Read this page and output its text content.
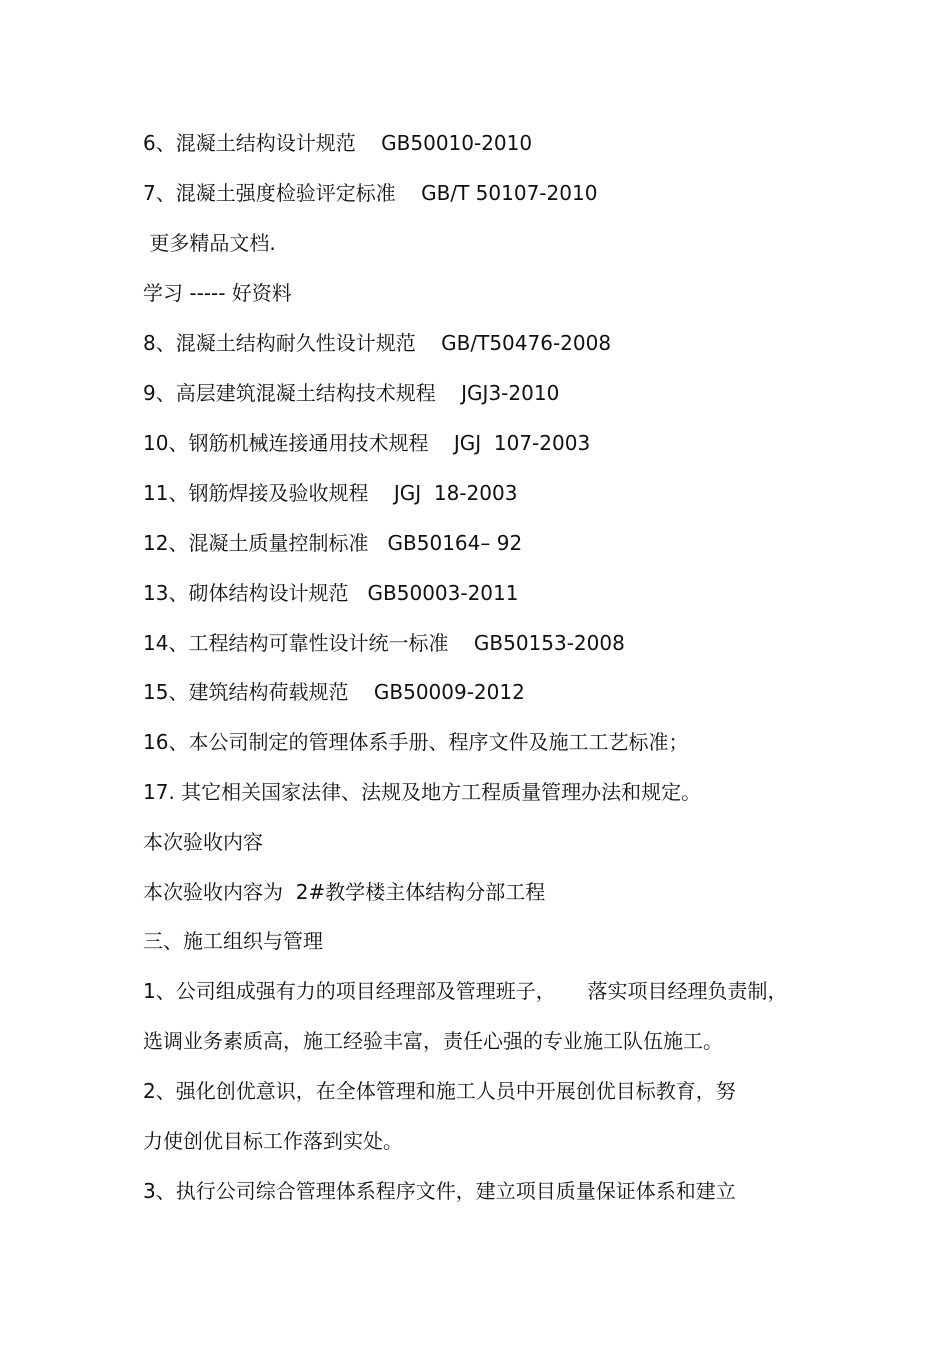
6、混凝土结构设计规范    GB50010-2010
7、混凝土强度检验评定标准    GB/T 50107-2010
更多精品文档.
学习 ----- 好资料
8、混凝土结构耐久性设计规范    GB/T50476-2008
9、高层建筑混凝土结构技术规程    JGJ3-2010
10、钢筋机械连接通用技术规程    JGJ  107-2003
11、钢筋焊接及验收规程    JGJ  18-2003
12、混凝土质量控制标准   GB50164– 92
13、砌体结构设计规范   GB50003-2011
14、工程结构可靠性设计统一标准    GB50153-2008
15、建筑结构荷载规范    GB50009-2012
16、本公司制定的管理体系手册、程序文件及施工工艺标准；
17. 其它相关国家法律、法规及地方工程质量管理办法和规定。
本次验收内容
本次验收内容为  2#教学楼主体结构分部工程
三、施工组织与管理
1、公司组成强有力的项目经理部及管理班子，     落实项目经理负责制，
选调业务素质高，施工经验丰富，责任心强的专业施工队伍施工。
2、强化创优意识，在全体管理和施工人员中开展创优目标教育，努
力使创优目标工作落到实处。
3、执行公司综合管理体系程序文件，建立项目质量保证体系和建立
